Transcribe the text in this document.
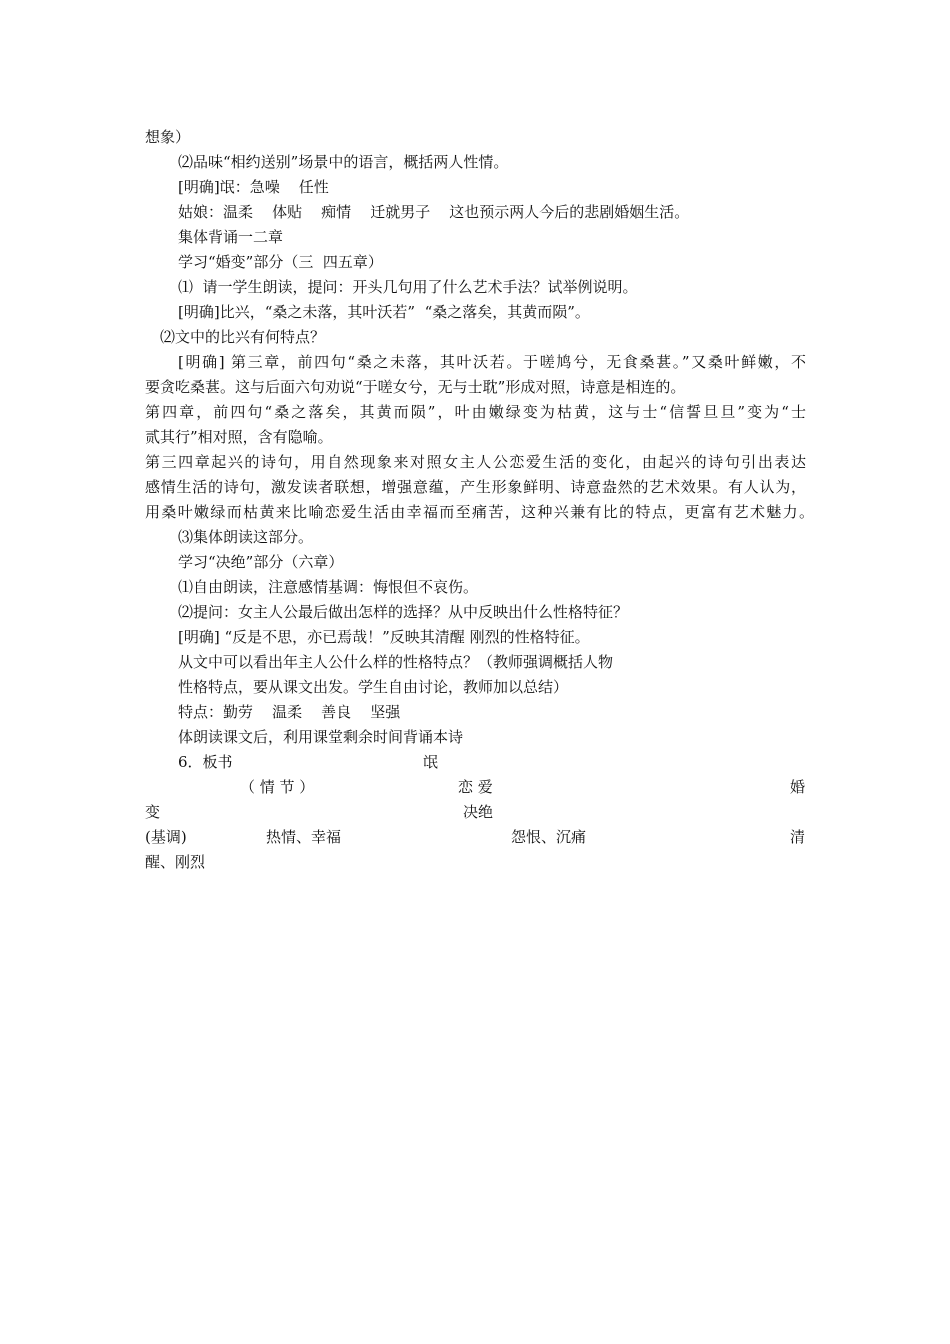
想象）
⑵品味“相约送别”场景中的语言，概括两人性情。
[明确]氓：急噪    任性
姑娘：温柔    体贴    痴情    迁就男子    这也预示两人今后的悲剧婚姻生活。
集体背诵一二章
学习“婚变”部分（三  四五章）
⑴  请一学生朗读，提问：开头几句用了什么艺术手法？试举例说明。
[明确]比兴，“桑之未落，其叶沃若”  “桑之落矣，其黄而陨”。
⑵文中的比兴有何特点？
[明确] 第三章，前四句“桑之未落，其叶沃若。于嗟鸠兮，无食桑葚。”又桑叶鲜嫩，不
要贪吃桑葚。这与后面六句劝说“于嗟女兮，无与士耽”形成对照，诗意是相连的。
第四章，前四句“桑之落矣，其黄而陨”，叶由嫩绿变为枯黄，这与士“信誓旦旦”变为“士
贰其行”相对照，含有隐喻。
第三四章起兴的诗句，用自然现象来对照女主人公恋爱生活的变化，由起兴的诗句引出表达
感情生活的诗句，激发读者联想，增强意蕴，产生形象鲜明、诗意盎然的艺术效果。有人认为，
用桑叶嫩绿而枯黄来比喻恋爱生活由幸福而至痛苦，这种兴兼有比的特点，更富有艺术魅力。
⑶集体朗读这部分。
学习“决绝”部分（六章）
⑴自由朗读，注意感情基调：悔恨但不哀伤。
⑵提问：女主人公最后做出怎样的选择？从中反映出什么性格特征？
[明确] “反是不思，亦已焉哉！”反映其清醒 刚烈的性格特征。
从文中可以看出年主人公什么样的性格特点？（教师强调概括人物
性格特点，要从课文出发。学生自由讨论，教师加以总结）
特点：勤劳    温柔    善良    坚强
体朗读课文后，利用课堂剩余时间背诵本诗
6．板书	氓
（ 情 节 ）	恋 爱	婚
变	决绝
(基调)	热情、幸福	怨恨、沉痛	清
醒、刚烈
